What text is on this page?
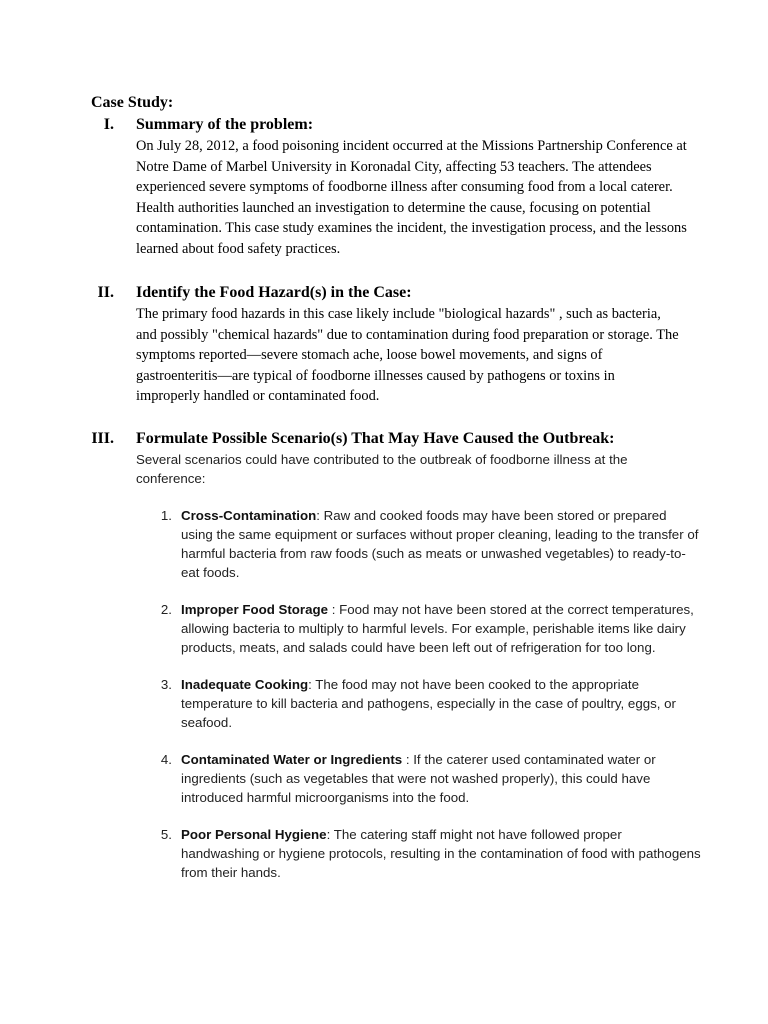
Case Study:
I. Summary of the problem:

On July 28, 2012, a food poisoning incident occurred at the Missions Partnership Conference at Notre Dame of Marbel University in Koronadal City, affecting 53 teachers. The attendees experienced severe symptoms of foodborne illness after consuming food from a local caterer. Health authorities launched an investigation to determine the cause, focusing on potential contamination. This case study examines the incident, the investigation process, and the lessons learned about food safety practices.

II. Identify the Food Hazard(s) in the Case:

The primary food hazards in this case likely include "biological hazards" , such as bacteria, and possibly "chemical hazards" due to contamination during food preparation or storage. The symptoms reported—severe stomach ache, loose bowel movements, and signs of gastroenteritis—are typical of foodborne illnesses caused by pathogens or toxins in improperly handled or contaminated food.

III. Formulate Possible Scenario(s) That May Have Caused the Outbreak:

Several scenarios could have contributed to the outbreak of foodborne illness at the conference:

1. Cross-Contamination: Raw and cooked foods may have been stored or prepared using the same equipment or surfaces without proper cleaning, leading to the transfer of harmful bacteria from raw foods (such as meats or unwashed vegetables) to ready-to-eat foods.
2. Improper Food Storage : Food may not have been stored at the correct temperatures, allowing bacteria to multiply to harmful levels. For example, perishable items like dairy products, meats, and salads could have been left out of refrigeration for too long.
3. Inadequate Cooking: The food may not have been cooked to the appropriate temperature to kill bacteria and pathogens, especially in the case of poultry, eggs, or seafood.
4. Contaminated Water or Ingredients : If the caterer used contaminated water or ingredients (such as vegetables that were not washed properly), this could have introduced harmful microorganisms into the food.
5. Poor Personal Hygiene: The catering staff might not have followed proper handwashing or hygiene protocols, resulting in the contamination of food with pathogens from their hands.
